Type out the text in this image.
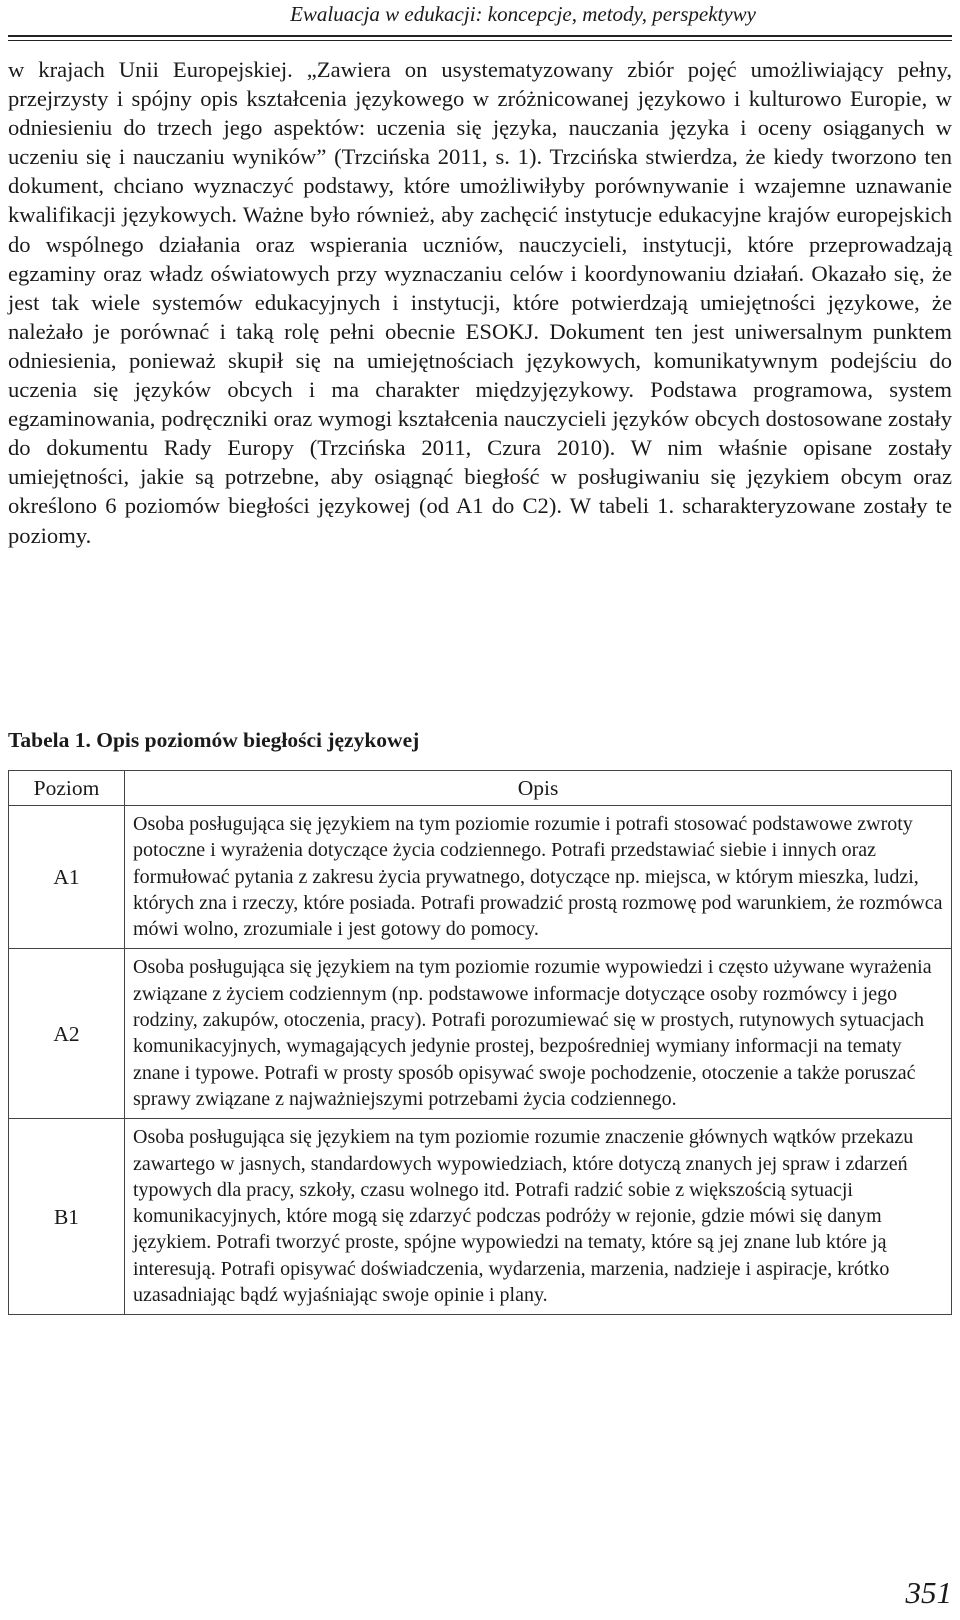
Ewaluacja w edukacji: koncepcje, metody, perspektywy

w krajach Unii Europejskiej. „Zawiera on usystematyzowany zbiór pojęć umożliwiający pełny, przejrzysty i spójny opis kształcenia językowego w zróżnicowanej językowo i kulturowo Europie, w odniesieniu do trzech jego aspektów: uczenia się języka, nauczania języka i oceny osiąganych w uczeniu się i nauczaniu wyników” (Trzcińska 2011, s. 1). Trzcińska stwierdza, że kiedy tworzono ten dokument, chciano wyznaczyć podstawy, które umożliwiłyby porównywanie i wzajemne uznawanie kwalifikacji językowych. Ważne było również, aby zachęcić instytucje edukacyjne krajów europejskich do wspólnego działania oraz wspierania uczniów, nauczycieli, instytucji, które przeprowadzają egzaminy oraz władz oświatowych przy wyznaczaniu celów i koordynowaniu działań. Okazało się, że jest tak wiele systemów edukacyjnych i instytucji, które potwierdzają umiejętności językowe, że należało je porównać i taką rolę pełni obecnie ESOKJ. Dokument ten jest uniwersalnym punktem odniesienia, ponieważ skupił się na umiejętnościach językowych, komunikatywnym podejściu do uczenia się języków obcych i ma charakter międzyjęzykowy. Podstawa programowa, system egzaminowania, podręczniki oraz wymogi kształcenia nauczycieli języków obcych dostosowane zostały do dokumentu Rady Europy (Trzcińska 2011, Czura 2010). W nim właśnie opisane zostały umiejętności, jakie są potrzebne, aby osiągnąć biegłość w posługiwaniu się językiem obcym oraz określono 6 poziomów biegłości językowej (od A1 do C2). W tabeli 1. scharakteryzowane zostały te poziomy.

Tabela 1. Opis poziomów biegłości językowej
Poziom	Opis
A1	Osoba posługująca się językiem na tym poziomie rozumie i potrafi stosować podstawowe zwroty potoczne i wyrażenia dotyczące życia codziennego. Potrafi przedstawiać siebie i innych oraz formułować pytania z zakresu życia prywatnego, dotyczące np. miejsca, w którym mieszka, ludzi, których zna i rzeczy, które posiada. Potrafi prowadzić prostą rozmowę pod warunkiem, że rozmówca mówi wolno, zrozumiale i jest gotowy do pomocy.
A2	Osoba posługująca się językiem na tym poziomie rozumie wypowiedzi i często używane wyrażenia związane z życiem codziennym (np. podstawowe informacje dotyczące osoby rozmówcy i jego rodziny, zakupów, otoczenia, pracy). Potrafi porozumiewać się w prostych, rutynowych sytuacjach komunikacyjnych, wymagających jedynie prostej, bezpośredniej wymiany informacji na tematy znane i typowe. Potrafi w prosty sposób opisywać swoje pochodzenie, otoczenie a także poruszać sprawy związane z najważniejszymi potrzebami życia codziennego.
B1	Osoba posługująca się językiem na tym poziomie rozumie znaczenie głównych wątków przekazu zawartego w jasnych, standardowych wypowiedziach, które dotyczą znanych jej spraw i zdarzeń typowych dla pracy, szkoły, czasu wolnego itd. Potrafi radzić sobie z większością sytuacji komunikacyjnych, które mogą się zdarzyć podczas podróży w rejonie, gdzie mówi się danym językiem. Potrafi tworzyć proste, spójne wypowiedzi na tematy, które są jej znane lub które ją interesują. Potrafi opisywać doświadczenia, wydarzenia, marzenia, nadzieje i aspiracje, krótko uzasadniając bądź wyjaśniając swoje opinie i plany.
351
